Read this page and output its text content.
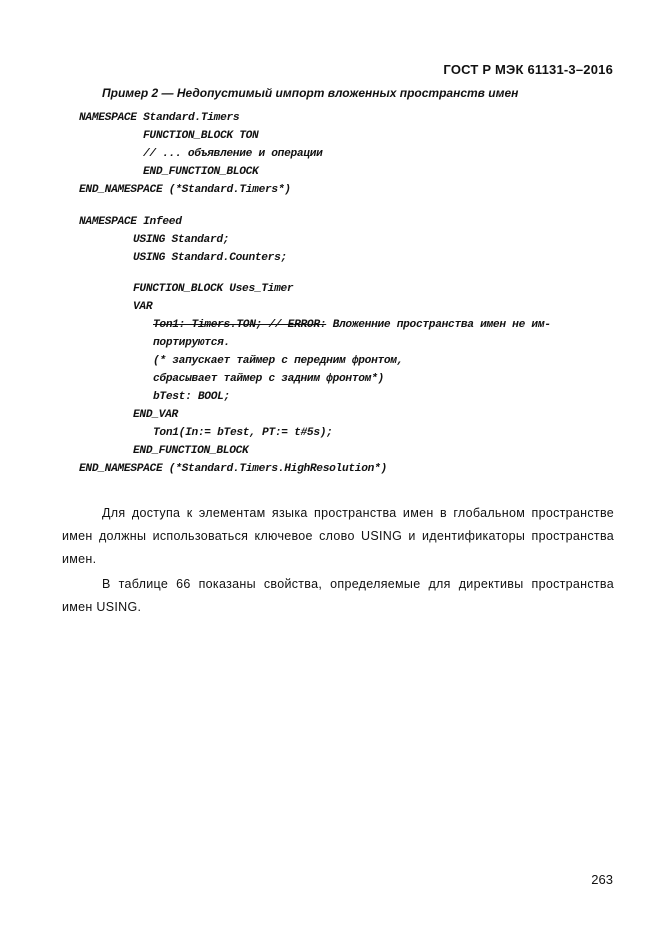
ГОСТ Р МЭК 61131-3–2016
Пример 2 — Недопустимый импорт вложенных пространств имен
NAMESPACE Standard.Timers
FUNCTION_BLOCK TON
// ... объявление и операции
END_FUNCTION_BLOCK
END_NAMESPACE (*Standard.Timers*)
NAMESPACE Infeed
USING Standard;
USING Standard.Counters;
FUNCTION_BLOCK Uses_Timer
VAR
Ton1: Timers.TON; // ERROR: Вложенние пространства имен не им-
портируются.
(* запускает таймер с передним фронтом,
сбрасывает таймер с задним фронтом*)
bTest: BOOL;
END_VAR
Ton1(In:= bTest, PT:= t#5s);
END_FUNCTION_BLOCK
END_NAMESPACE (*Standard.Timers.HighResolution*)
Для доступа к элементам языка пространства имен в глобальном пространстве имен должны использоваться ключевое слово USING и идентификаторы пространства имен.
В таблице 66 показаны свойства, определяемые для директивы пространства имен USING.
263
